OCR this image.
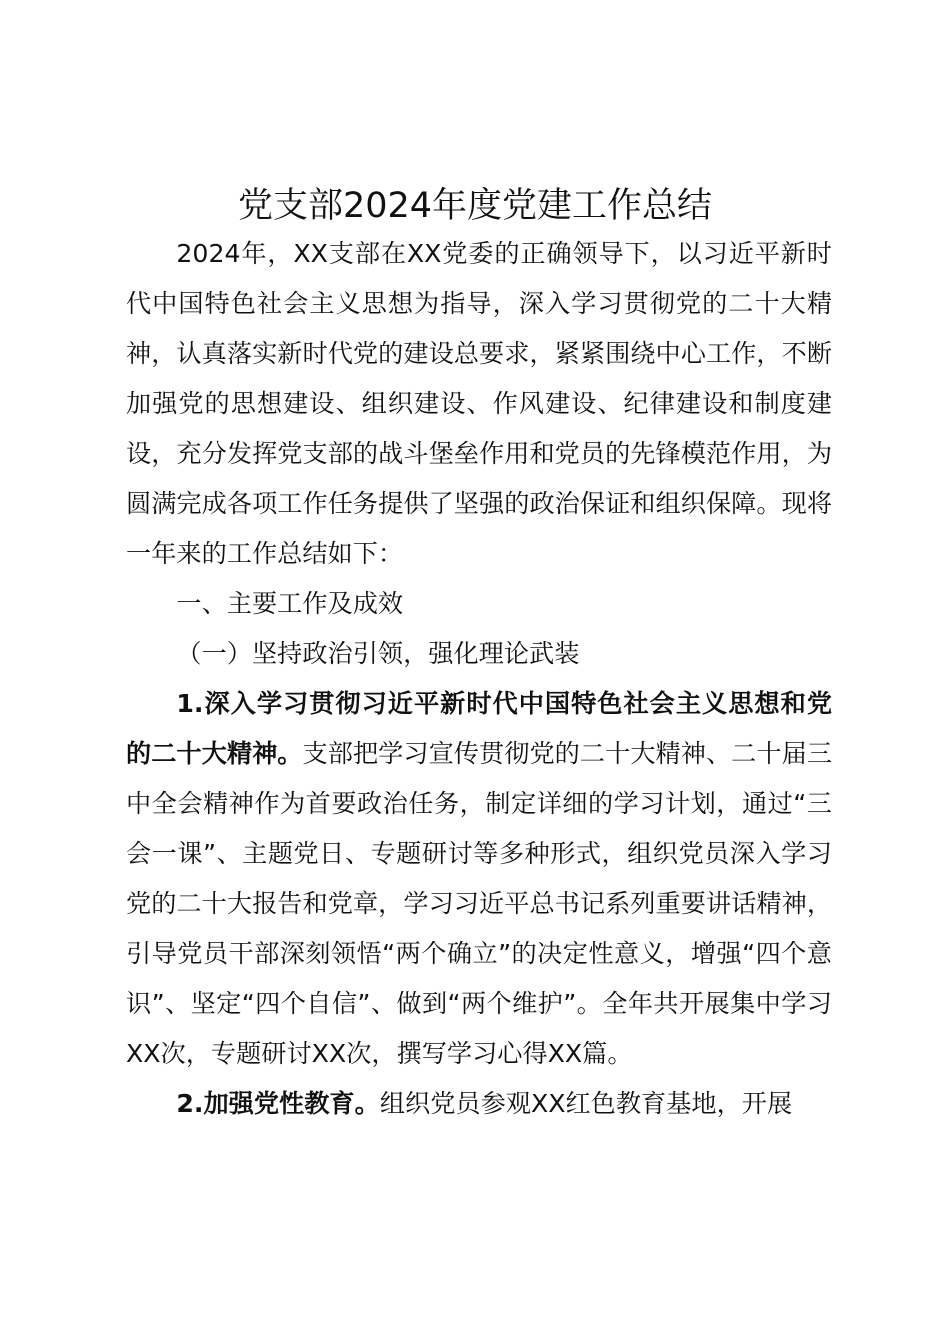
党支部2024年度党建工作总结

2024年，XX支部在XX党委的正确领导下，以习近平新时代中国特色社会主义思想为指导，深入学习贯彻党的二十大精神，认真落实新时代党的建设总要求，紧紧围绕中心工作，不断加强党的思想建设、组织建设、作风建设、纪律建设和制度建设，充分发挥党支部的战斗堡垒作用和党员的先锋模范作用，为圆满完成各项工作任务提供了坚强的政治保证和组织保障。现将一年来的工作总结如下：

一、主要工作及成效

（一）坚持政治引领，强化理论武装

1.深入学习贯彻习近平新时代中国特色社会主义思想和党的二十大精神。支部把学习宣传贯彻党的二十大精神、二十届三中全会精神作为首要政治任务，制定详细的学习计划，通过“三会一课”、主题党日、专题研讨等多种形式，组织党员深入学习党的二十大报告和党章，学习习近平总书记系列重要讲话精神，引导党员干部深刻领悟“两个确立”的决定性意义，增强“四个意识”、坚定“四个自信”、做到“两个维护”。全年共开展集中学习XX次，专题研讨XX次，撰写学习心得XX篇。

2.加强党性教育。组织党员参观XX红色教育基地，开展
